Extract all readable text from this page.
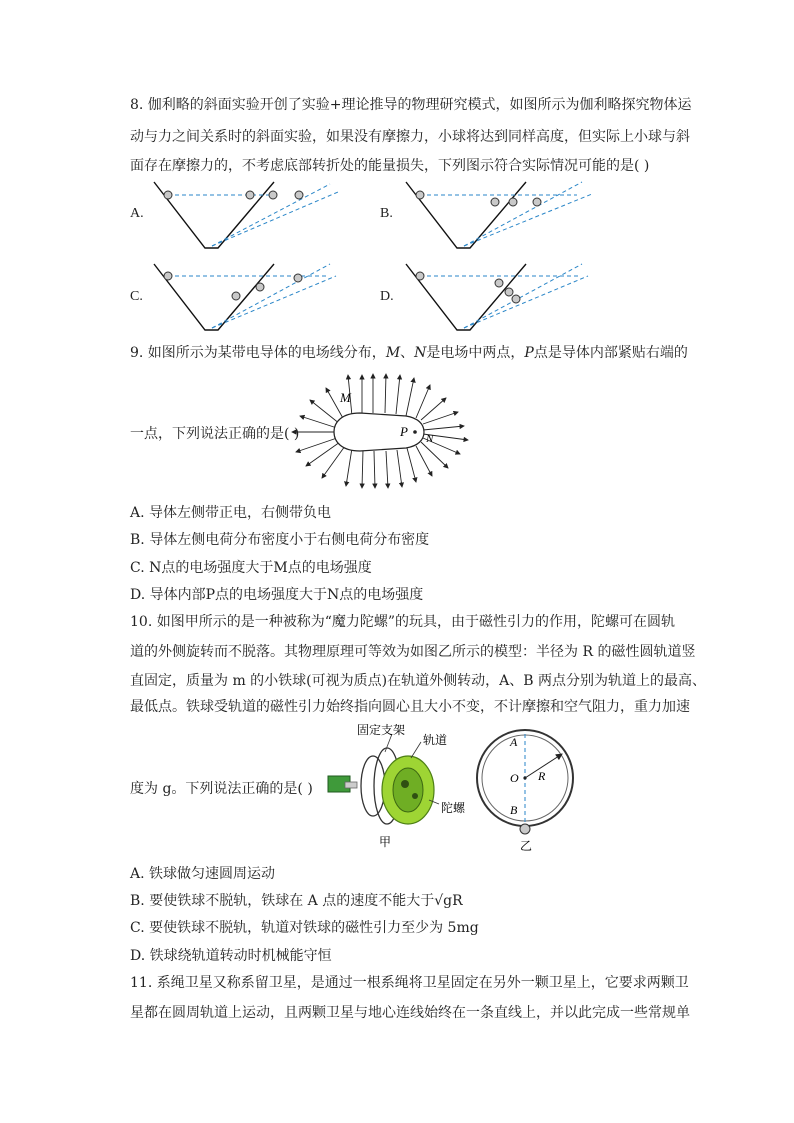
8. 伽利略的斜面实验开创了实验+理论推导的物理研究模式，如图所示为伽利略探究物体运
动与力之间关系时的斜面实验，如果没有摩擦力，小球将达到同样高度，但实际上小球与斜
面存在摩擦力的，不考虑底部转折处的能量损失，下列图示符合实际情况可能的是( )
A.	B.
C.	D.
9. 如图所示为某带电导体的电场线分布，M、N是电场中两点，P点是导体内部紧贴右端的
一点，下列说法正确的是( )
M
P N
A. 导体左侧带正电，右侧带负电
B. 导体左侧电荷分布密度小于右侧电荷分布密度
C. N点的电场强度大于M点的电场强度
D. 导体内部P点的电场强度大于N点的电场强度
10. 如图甲所示的是一种被称为“魔力陀螺”的玩具，由于磁性引力的作用，陀螺可在圆轨
道的外侧旋转而不脱落。其物理原理可等效为如图乙所示的模型：半径为 R 的磁性圆轨道竖
直固定，质量为 m 的小铁球(可视为质点)在轨道外侧转动，A、B 两点分别为轨道上的最高、
最低点。铁球受轨道的磁性引力始终指向圆心且大小不变，不计摩擦和空气阻力，重力加速
度为 g。下列说法正确的是( )
固定支架
轨道
陀螺
甲
A
O R
B
乙
A. 铁球做匀速圆周运动
B. 要使铁球不脱轨，铁球在 A 点的速度不能大于√gR
C. 要使铁球不脱轨，轨道对铁球的磁性引力至少为 5mg
D. 铁球绕轨道转动时机械能守恒
11. 系绳卫星又称系留卫星，是通过一根系绳将卫星固定在另外一颗卫星上，它要求两颗卫
星都在圆周轨道上运动，且两颗卫星与地心连线始终在一条直线上，并以此完成一些常规单
